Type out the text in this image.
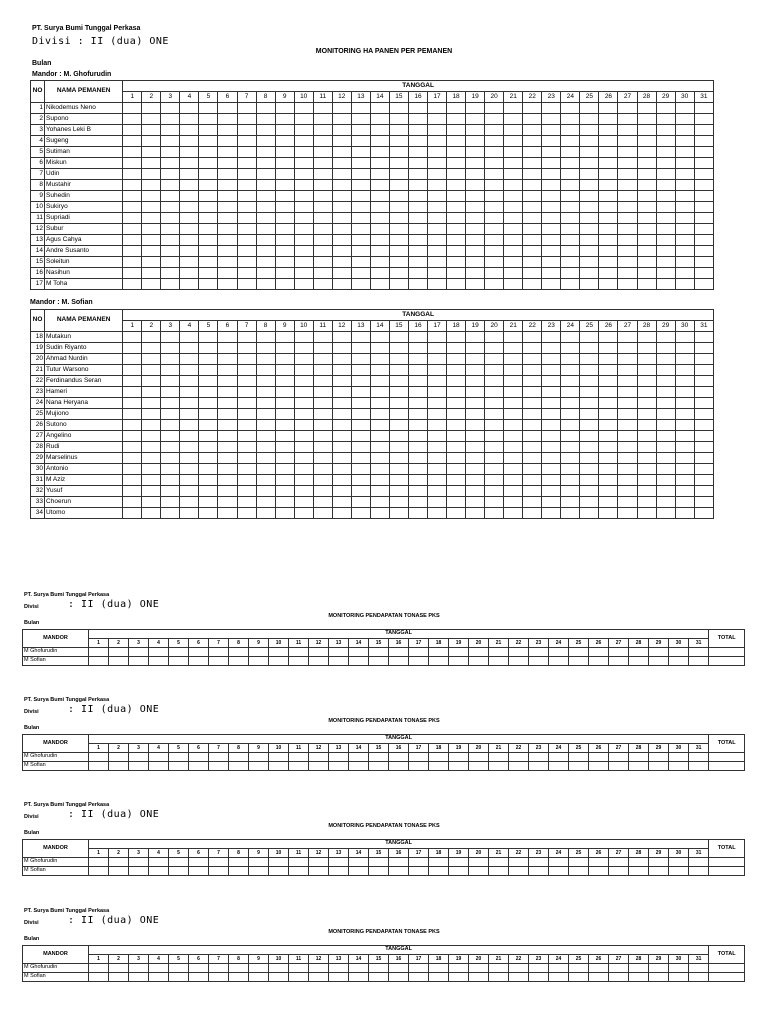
PT. Surya Bumi Tunggal Perkasa
Divisi : II (dua) ONE
MONITORING HA PANEN PER PEMANEN
Bulan
Mandor : M. Ghofurudin
NO	NAMA PEMANEN	TANGGAL																														
		1	2	3	4	5	6	7	8	9	10	11	12	13	14	15	16	17	18	19	20	21	22	23	24	25	26	27	28	29	30	31
1	Nikodemus Neno																															
2	Supono																															
3	Yohanes Leki B																															
4	Sugeng																															
5	Sutiman																															
6	Miskun																															
7	Udin																															
8	Mustahir																															
9	Suhedin																															
10	Sukiryo																															
11	Supriadi																															
12	Subur																															
13	Agus Cahya																															
14	Andre Susanto																															
15	Soleitun																															
16	Nasihun																															
17	M Toha																															
Mandor : M. Sofian
NO	NAMA PEMANEN	TANGGAL																														
		1	2	3	4	5	6	7	8	9	10	11	12	13	14	15	16	17	18	19	20	21	22	23	24	25	26	27	28	29	30	31
18	Mutakun																															
19	Sudin Riyanto																															
20	Ahmad Nurdin																															
21	Tutur Warsono																															
22	Ferdinandus Seran																															
23	Hameri																															
24	Nana Heryana																															
25	Mujiono																															
26	Sutono																															
27	Angelino																															
28	Rudi																															
29	Marselinus																															
30	Antonio																															
31	M Aziz																															
32	Yusuf																															
33	Choerun																															
34	Utomo																															
PT. Surya Bumi Tunggal Perkasa
Divisi	: II (dua) ONE
MONITORING PENDAPATAN TONASE PKS
Bulan
MANDOR	TANGGAL																															TOTAL
	1	2	3	4	5	6	7	8	9	10	11	12	13	14	15	16	17	18	19	20	21	22	23	24	25	26	27	28	29	30	31	
M Ghofurudin																																
M Sofian																																
PT. Surya Bumi Tunggal Perkasa
Divisi	: II (dua) ONE
MONITORING PENDAPATAN TONASE PKS
Bulan
MANDOR	TANGGAL																															TOTAL
	1	2	3	4	5	6	7	8	9	10	11	12	13	14	15	16	17	18	19	20	21	22	23	24	25	26	27	28	29	30	31	
M Ghofurudin																																
M Sofian																																
PT. Surya Bumi Tunggal Perkasa
Divisi	: II (dua) ONE
MONITORING PENDAPATAN TONASE PKS
Bulan
MANDOR	TANGGAL																															TOTAL
	1	2	3	4	5	6	7	8	9	10	11	12	13	14	15	16	17	18	19	20	21	22	23	24	25	26	27	28	29	30	31	
M Ghofurudin																																
M Sofian																																
PT. Surya Bumi Tunggal Perkasa
Divisi	: II (dua) ONE
MONITORING PENDAPATAN TONASE PKS
Bulan
MANDOR	TANGGAL																															TOTAL
	1	2	3	4	5	6	7	8	9	10	11	12	13	14	15	16	17	18	19	20	21	22	23	24	25	26	27	28	29	30	31	
M Ghofurudin																																
M Sofian																																
